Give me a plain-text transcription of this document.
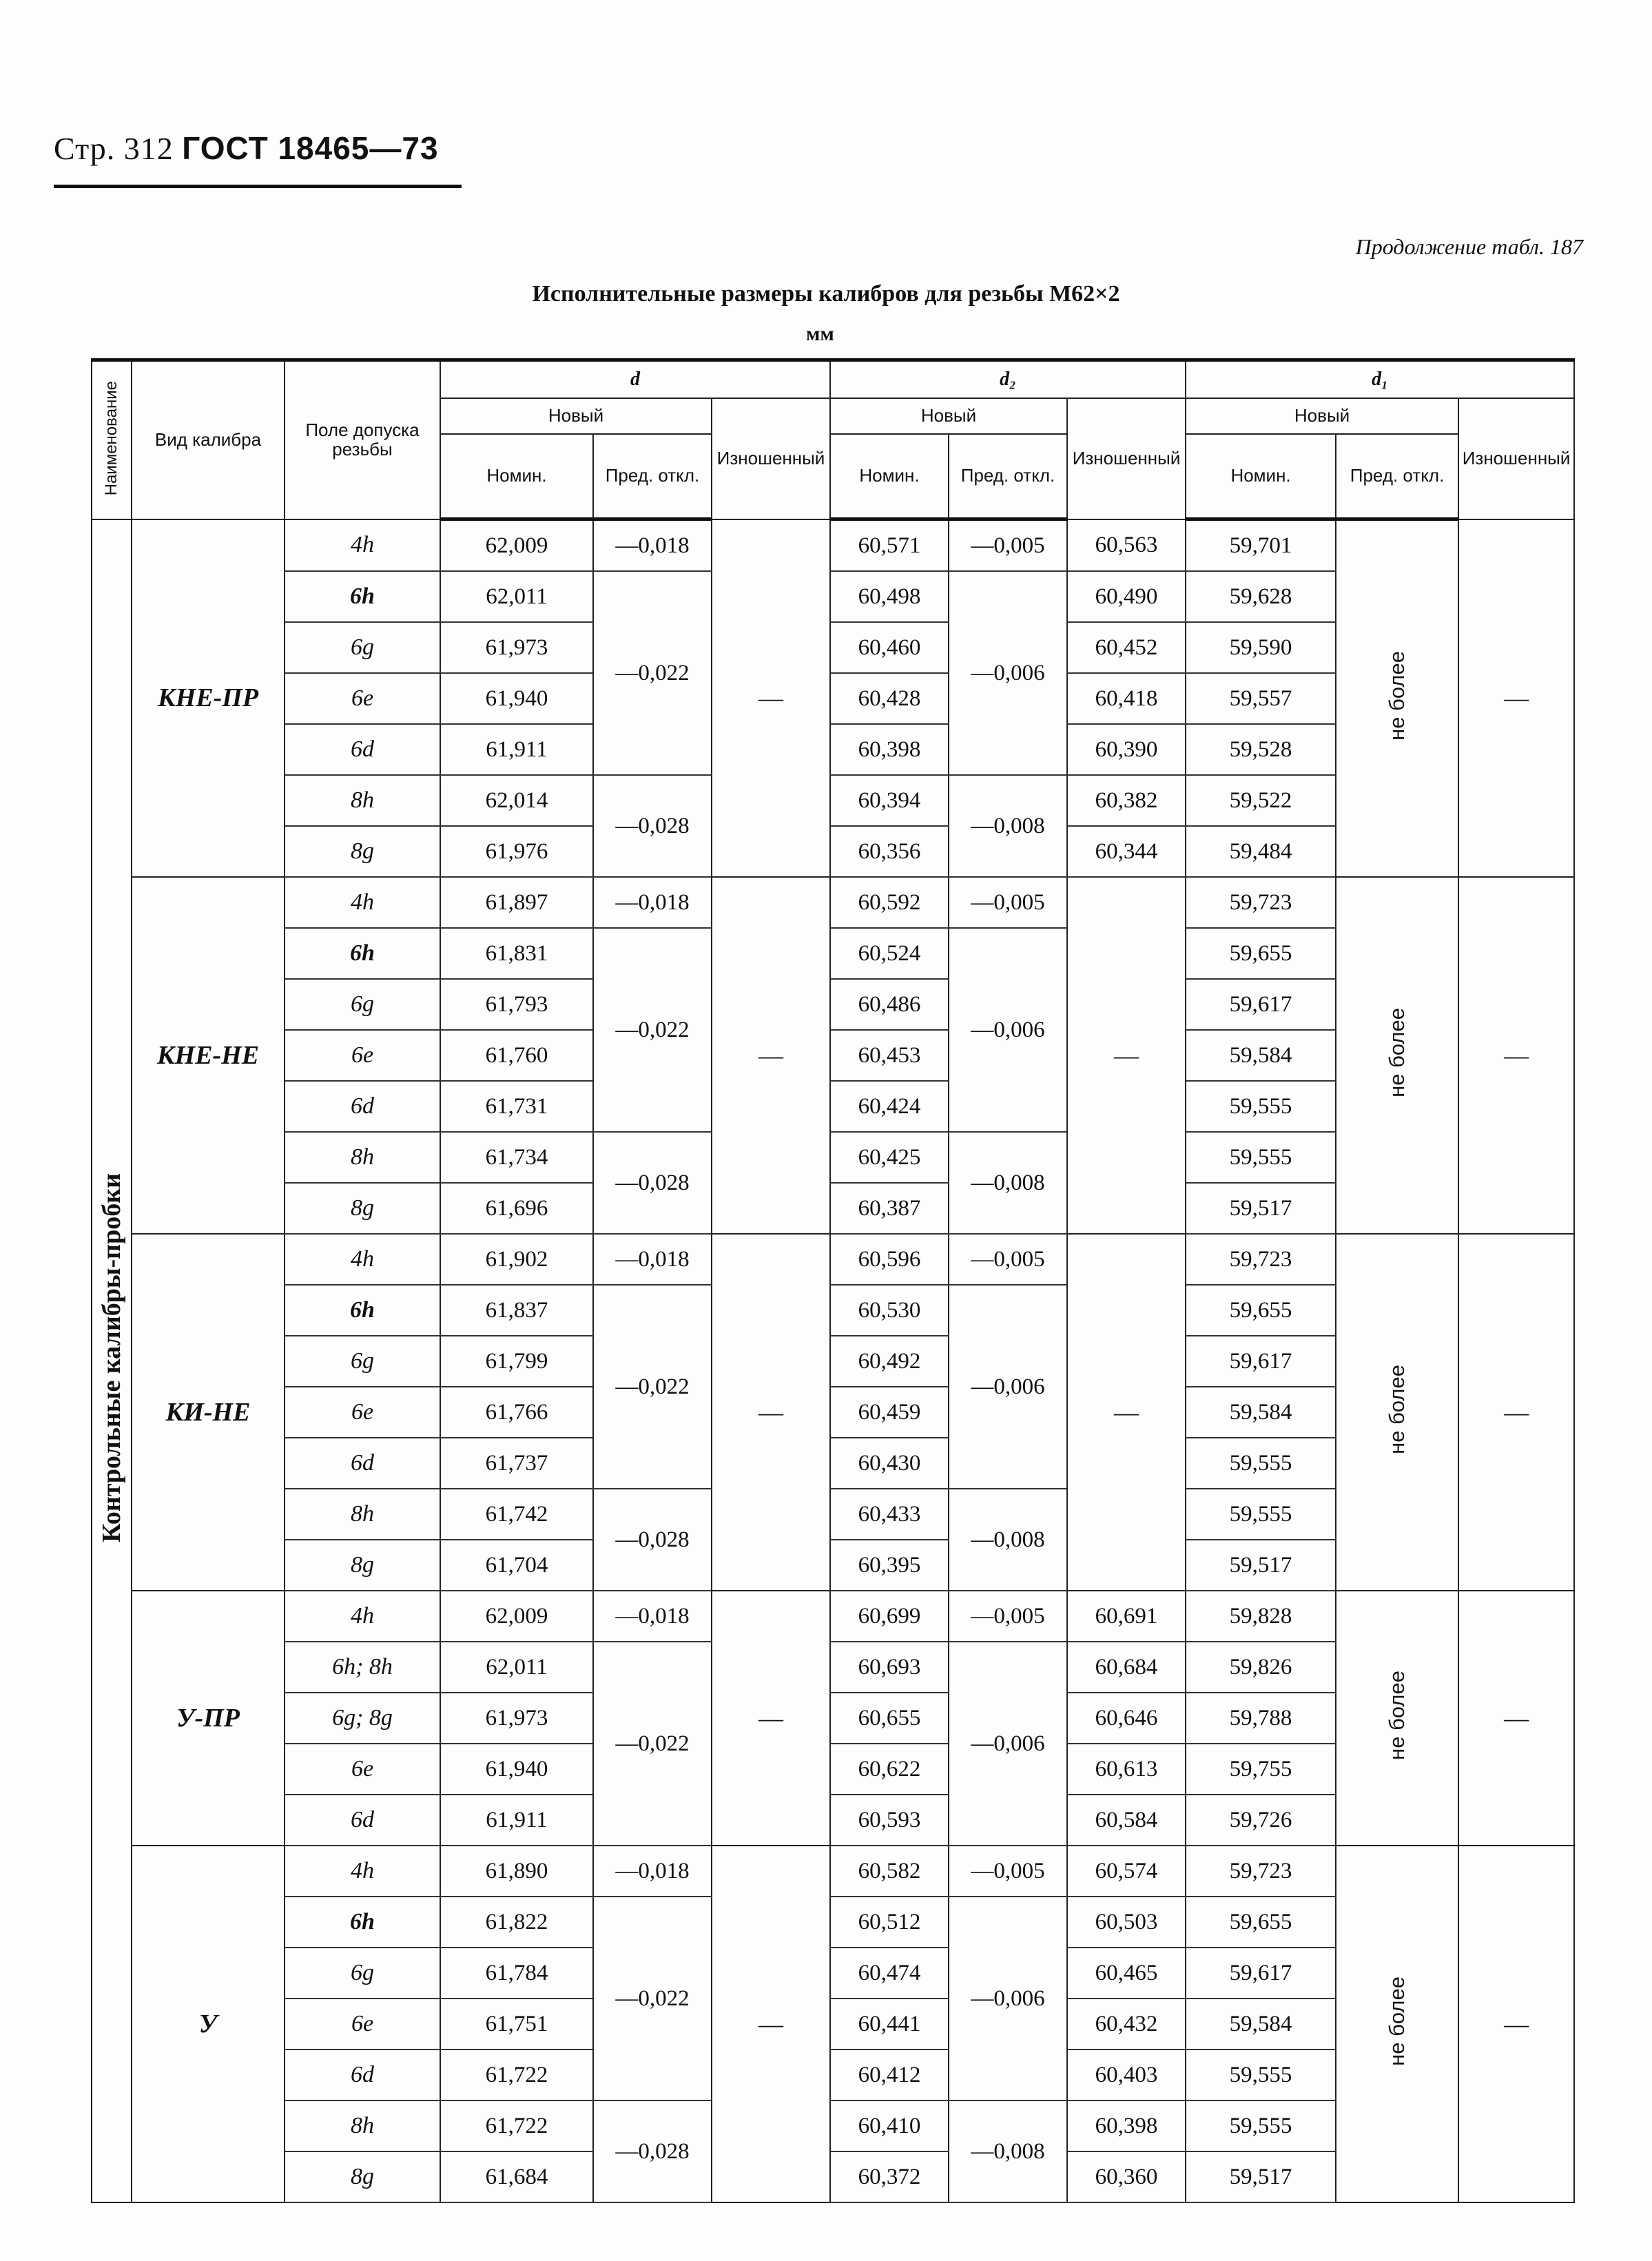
Стр. 312 ГОСТ 18465—73
Продолжение табл. 187
Исполнительные размеры калибров для резьбы М62×2
мм
Наименование	Вид калибра	Поле допуска резьбы	d			d₂			d₁		
			Новый		Изношенный	Новый		Изношенный	Новый		Изношенный
			Номин.	Пред. откл.		Номин.	Пред. откл.		Номин.	Пред. откл.	
Контрольные калибры-пробки	КНЕ-ПР	4h	62,009	—0,018	—	60,571	—0,005	60,563	59,701	не более	—
		6h	62,011	—0,022		60,498	—0,006	60,490	59,628		
		6g	61,973			60,460		60,452	59,590		
		6e	61,940			60,428		60,418	59,557		
		6d	61,911			60,398		60,390	59,528		
		8h	62,014	—0,028		60,394	—0,008	60,382	59,522		
		8g	61,976			60,356		60,344	59,484		
	КНЕ-НЕ	4h	61,897	—0,018	—	60,592	—0,005	—	59,723	не более	—
		6h	61,831	—0,022		60,524	—0,006		59,655		
		6g	61,793			60,486			59,617		
		6e	61,760			60,453			59,584		
		6d	61,731			60,424			59,555		
		8h	61,734	—0,028		60,425	—0,008		59,555		
		8g	61,696			60,387			59,517		
	КИ-НЕ	4h	61,902	—0,018	—	60,596	—0,005	—	59,723	не более	—
		6h	61,837	—0,022		60,530	—0,006		59,655		
		6g	61,799			60,492			59,617		
		6e	61,766			60,459			59,584		
		6d	61,737			60,430			59,555		
		8h	61,742	—0,028		60,433	—0,008		59,555		
		8g	61,704			60,395			59,517		
	У-ПР	4h	62,009	—0,018	—	60,699	—0,005	60,691	59,828	не более	—
		6h; 8h	62,011	—0,022		60,693	—0,006	60,684	59,826		
		6g; 8g	61,973			60,655		60,646	59,788		
		6e	61,940			60,622		60,613	59,755		
		6d	61,911			60,593		60,584	59,726		
	У	4h	61,890	—0,018	—	60,582	—0,005	60,574	59,723	не более	—
		6h	61,822	—0,022		60,512	—0,006	60,503	59,655		
		6g	61,784			60,474		60,465	59,617		
		6e	61,751			60,441		60,432	59,584		
		6d	61,722			60,412		60,403	59,555		
		8h	61,722	—0,028		60,410	—0,008	60,398	59,555		
		8g	61,684			60,372		60,360	59,517		
